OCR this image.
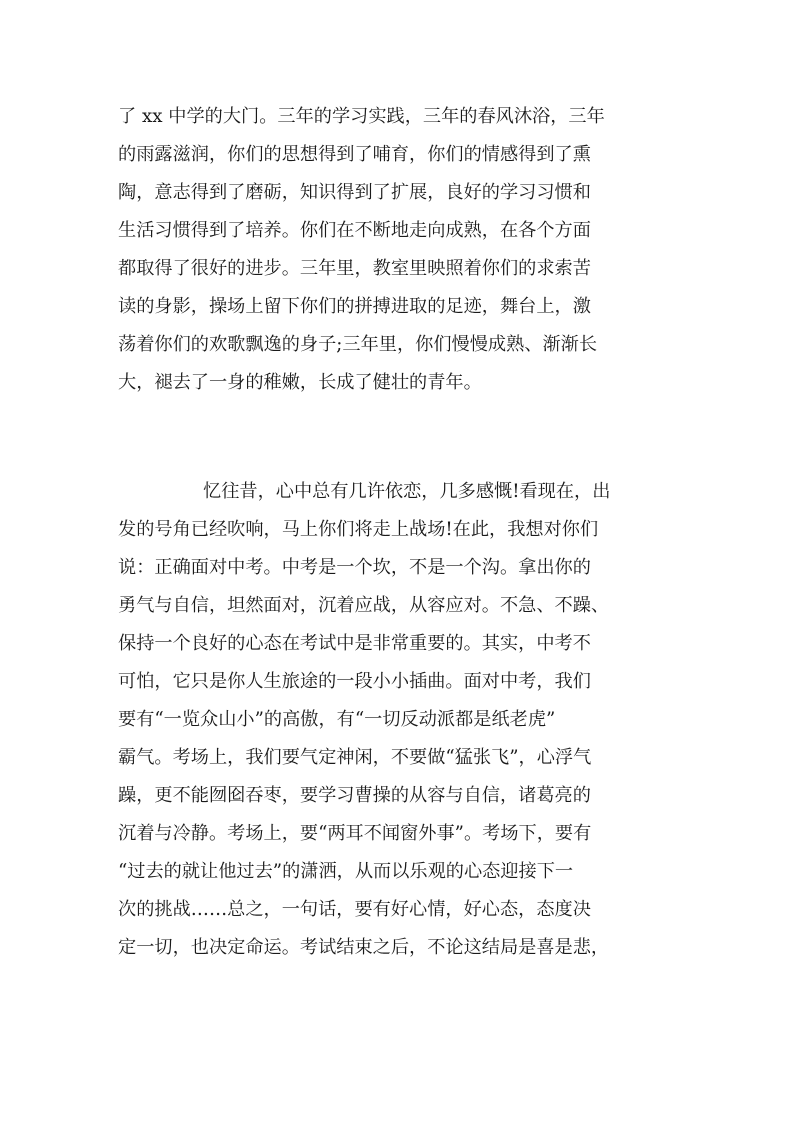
了 xx 中学的大门。三年的学习实践，三年的春风沐浴，三年
的雨露滋润，你们的思想得到了哺育，你们的情感得到了熏
陶，意志得到了磨砺，知识得到了扩展，良好的学习习惯和
生活习惯得到了培养。你们在不断地走向成熟，在各个方面
都取得了很好的进步。三年里，教室里映照着你们的求索苦
读的身影，操场上留下你们的拼搏进取的足迹，舞台上，激
荡着你们的欢歌飘逸的身子;三年里，你们慢慢成熟、渐渐长
大，褪去了一身的稚嫩，长成了健壮的青年。
忆往昔，心中总有几许依恋，几多感慨!看现在，出
发的号角已经吹响，马上你们将走上战场!在此，我想对你们
说：正确面对中考。中考是一个坎，不是一个沟。拿出你的
勇气与自信，坦然面对，沉着应战，从容应对。不急、不躁、
保持一个良好的心态在考试中是非常重要的。其实，中考不
可怕，它只是你人生旅途的一段小小插曲。面对中考，我们
要有“一览众山小”的高傲，有“一切反动派都是纸老虎”
霸气。考场上，我们要气定神闲，不要做“猛张飞”，心浮气
躁，更不能囫囵吞枣，要学习曹操的从容与自信，诸葛亮的
沉着与冷静。考场上，要“两耳不闻窗外事”。考场下，要有
“过去的就让他过去”的潇洒，从而以乐观的心态迎接下一
次的挑战……总之，一句话，要有好心情，好心态，态度决
定一切，也决定命运。考试结束之后，不论这结局是喜是悲，
